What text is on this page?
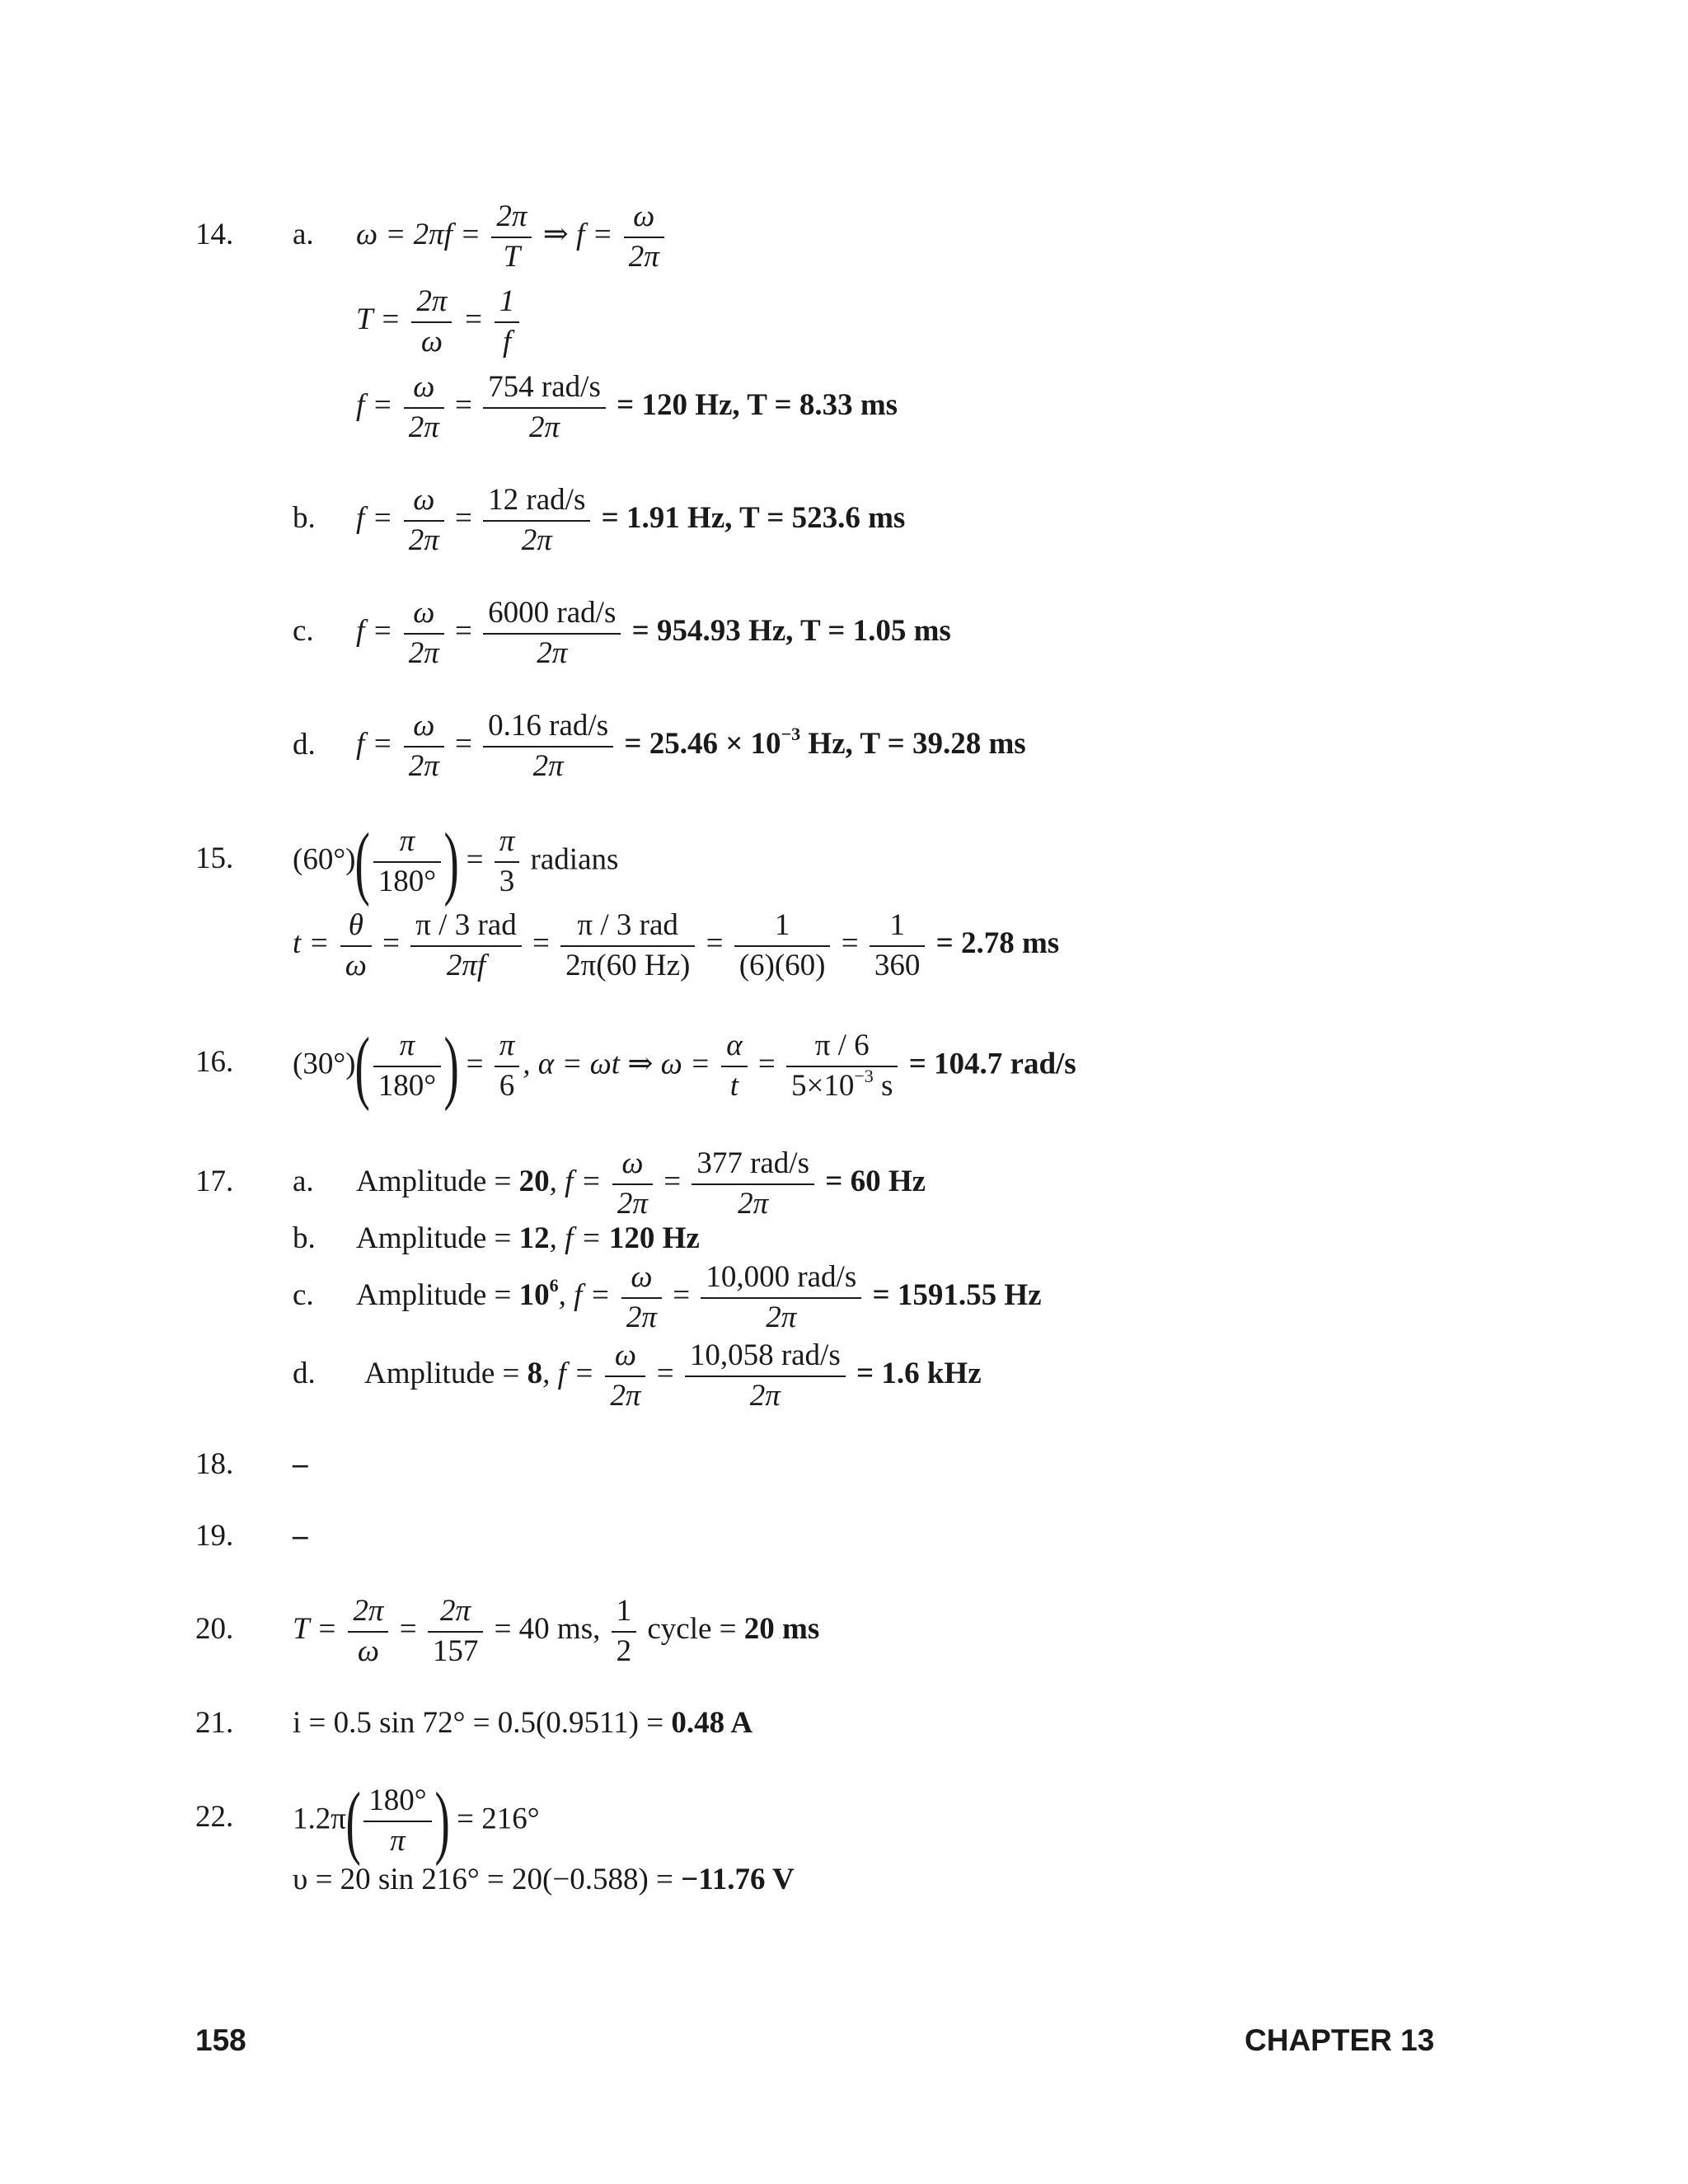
14. a. $\omega = 2\pi f = \frac{2\pi}{T}$ ⇒ $f = \frac{\omega}{2\pi}$
$T = \frac{2\pi}{\omega} = \frac{1}{f}$
$f = \frac{\omega}{2\pi} = \frac{\text{754 rad/s}}{2\pi} = 120$ Hz, T = 8.33 ms
b. $f = \frac{\omega}{2\pi} = \frac{\text{12 rad/s}}{2\pi} = 1.91$ Hz, T = 523.6 ms
c. $f = \frac{\omega}{2\pi} = \frac{\text{6000 rad/s}}{2\pi} = 954.93$ Hz, T = 1.05 ms
d. $f = \frac{\omega}{2\pi} = \frac{\text{0.16 rad/s}}{2\pi} = 25.46 \times 10^{-3}$ Hz, T = 39.28 ms
15. $(60^\circ)( \frac{\pi}{180^\circ}$ ) = $\frac{\pi}{3}$ radians
$t = \frac{\theta}{\omega} = \frac{\text{π / 3 rad}}{2\pi f} = \frac{\text{π / 3 rad}}{2\pi(60 Hz)} = \frac{1}{(6)(60)} = \frac{1}{360} = 2.78$ ms
16. $(30^\circ)( \frac{\pi}{180^\circ}$ ) = $\frac{\pi}{6}$ , α = ωt ⇒ $\omega = \frac{\alpha}{t} = \frac{\pi / 6}{5\times 10^{-3} s} = 104.7$ rad/s
17. a. Amplitude = 20, $f = \frac{\omega}{2\pi} = \frac{\text{377 rad/s}}{2\pi} = 60$ Hz
b. Amplitude = 12, f = 120 Hz
c. Amplitude = $10^6$, $f = \frac{\omega}{2\pi} = \frac{\text{10,000 rad/s}}{2\pi} = 1591.55$ Hz
d. Amplitude = 8, $f = \frac{\omega}{2\pi} = \frac{\text{10,058 rad/s}}{2\pi} = 1.6$ kHz
18. –
19. –
20. $T = \frac{2\pi}{\omega} = \frac{2\pi}{157} = 40$ ms, $\frac{1}{2}$ cycle = 20 ms
21. i = 0.5 sin 72° = 0.5(0.9511) = 0.48 A
22. $1.2\pi( \frac{180^\circ}{\pi}$ ) = 216°
υ = 20 sin 216° = 20(−0.588) = −11.76 V
158	CHAPTER 13
